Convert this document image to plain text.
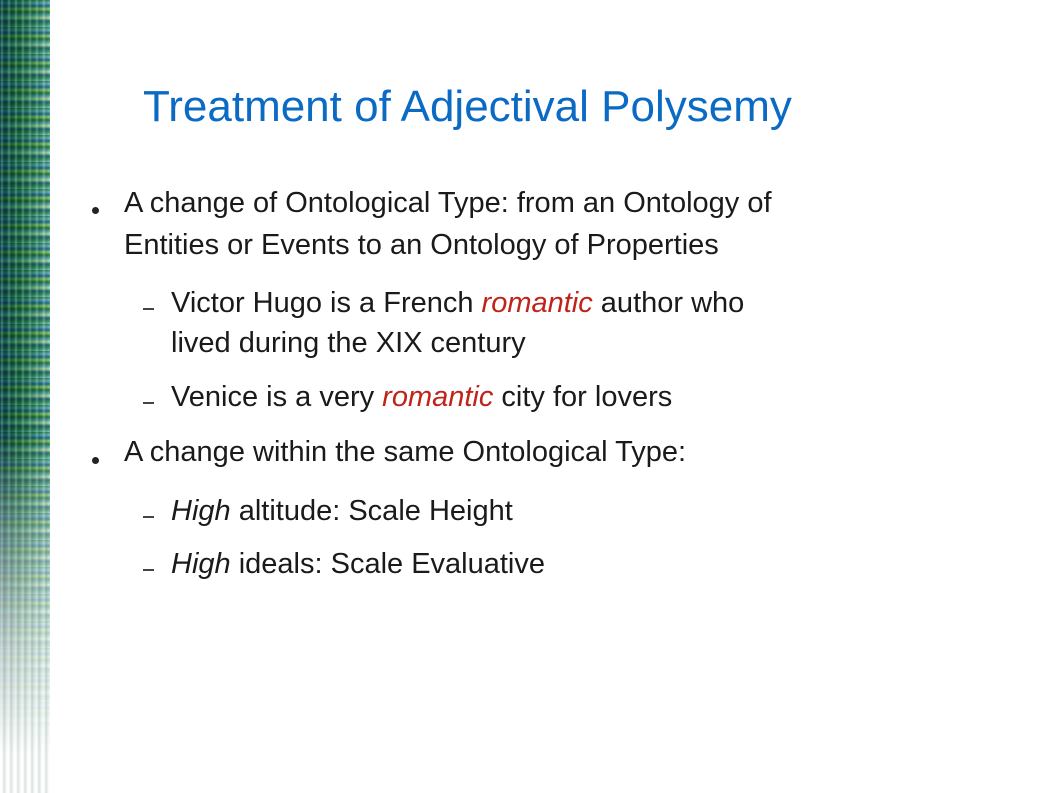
Treatment of Adjectival Polysemy
A change of Ontological Type: from an Ontology of
Entities or Events to an Ontology of Properties
Victor Hugo is a French romantic author who
lived during the XIX century
Venice is a very romantic city for lovers
A change within the same Ontological Type:
High altitude: Scale Height
High ideals: Scale Evaluative
